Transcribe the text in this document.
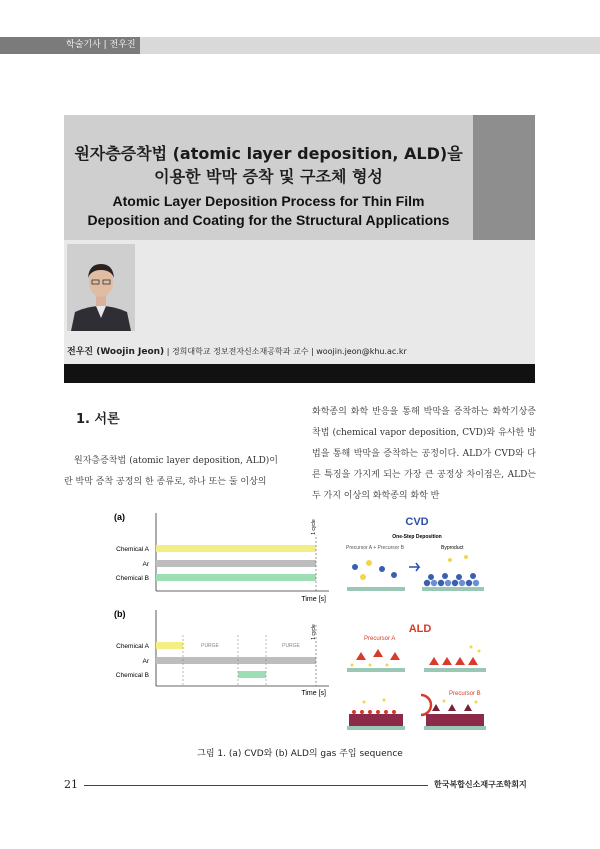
학술기사 | 전우진
원자층증착법 (atomic layer deposition, ALD)을
이용한 박막 증착 및 구조체 형성
Atomic Layer Deposition Process for Thin Film
Deposition and Coating for the Structural Applications
전우진 (Woojin Jeon) | 경희대학교 정보전자신소재공학과 교수 | woojin.jeon@khu.ac.kr
1. 서론
원자층증착법 (atomic layer deposition, ALD)이란 박막 증착 공정의 한 종류로, 하나 또는 둘 이상의
화학종의 화학 반응을 통해 박막을 증착하는 화학기상증착법 (chemical vapor deposition, CVD)와 유사한 방법을 통해 박막을 증착하는 공정이다. ALD가 CVD와 다른 특징을 가지게 되는 가장 큰 공정상 차이점은, ALD는 두 가지 이상의 화학종의 화학 반
(a)
Chemical A
Ar
Chemical B
1 cycle
Time [s]
(b)
Chemical A
Ar
Chemical B
1 cycle
PURGE	PURGE
Time [s]
CVD
One-Step Deposition
Precursor A + Precursor B	Byproduct
ALD
Precursor A
Precursor B
그림 1. (a) CVD와 (b) ALD의 gas 주입 sequence
21	한국복합신소재구조학회지
